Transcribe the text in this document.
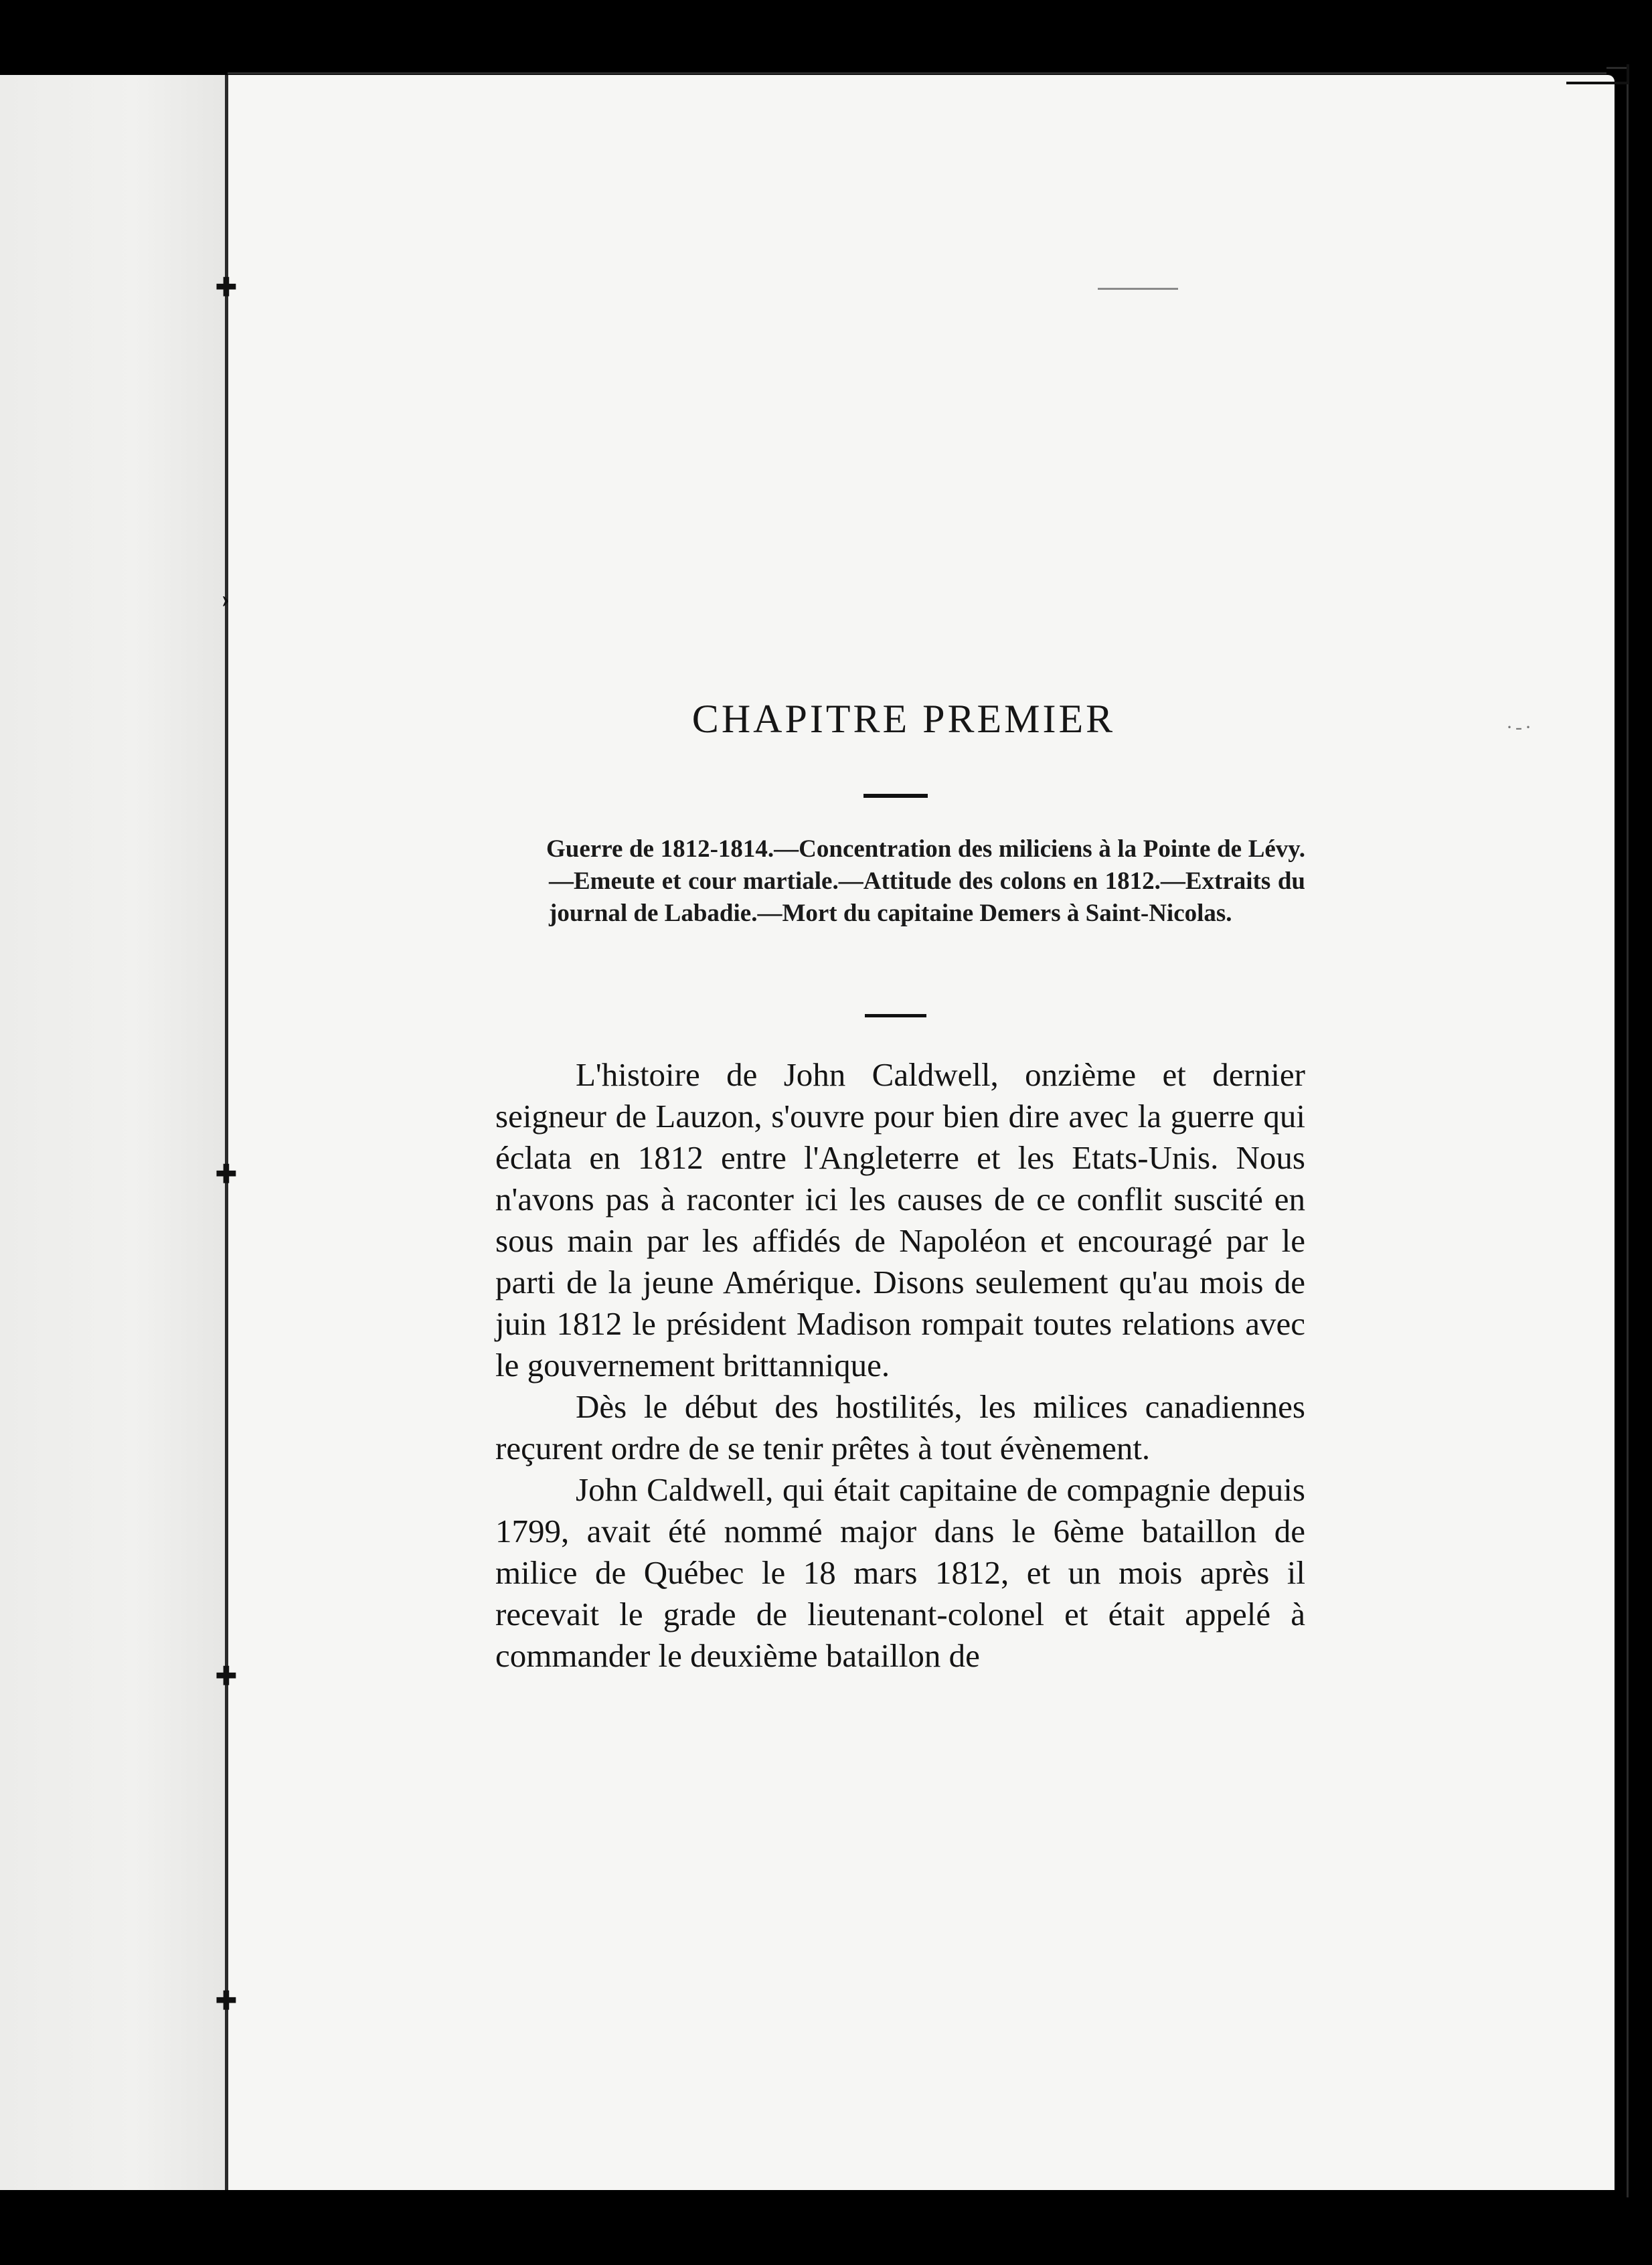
✚
›
✚
✚
✚
·-·
CHAPITRE PREMIER
Guerre de 1812-1814.—Concentration des miliciens à la Pointe de Lévy.—Emeute et cour martiale.—Attitude des colons en 1812.—Extraits du journal de Labadie.—Mort du capitaine Demers à Saint-Nicolas.

L'histoire de John Caldwell, onzième et dernier seigneur de Lauzon, s'ouvre pour bien dire avec la guerre qui éclata en 1812 entre l'Angleterre et les Etats-Unis. Nous n'avons pas à raconter ici les causes de ce conflit suscité en sous main par les affidés de Napoléon et encouragé par le parti de la jeune Amérique. Disons seulement qu'au mois de juin 1812 le président Madison rompait toutes relations avec le gouvernement brittannique.

Dès le début des hostilités, les milices canadiennes reçurent ordre de se tenir prêtes à tout évènement.

John Caldwell, qui était capitaine de compagnie depuis 1799, avait été nommé major dans le 6ème bataillon de milice de Québec le 18 mars 1812, et un mois après il recevait le grade de lieutenant-colonel et était appelé à commander le deuxième bataillon de
